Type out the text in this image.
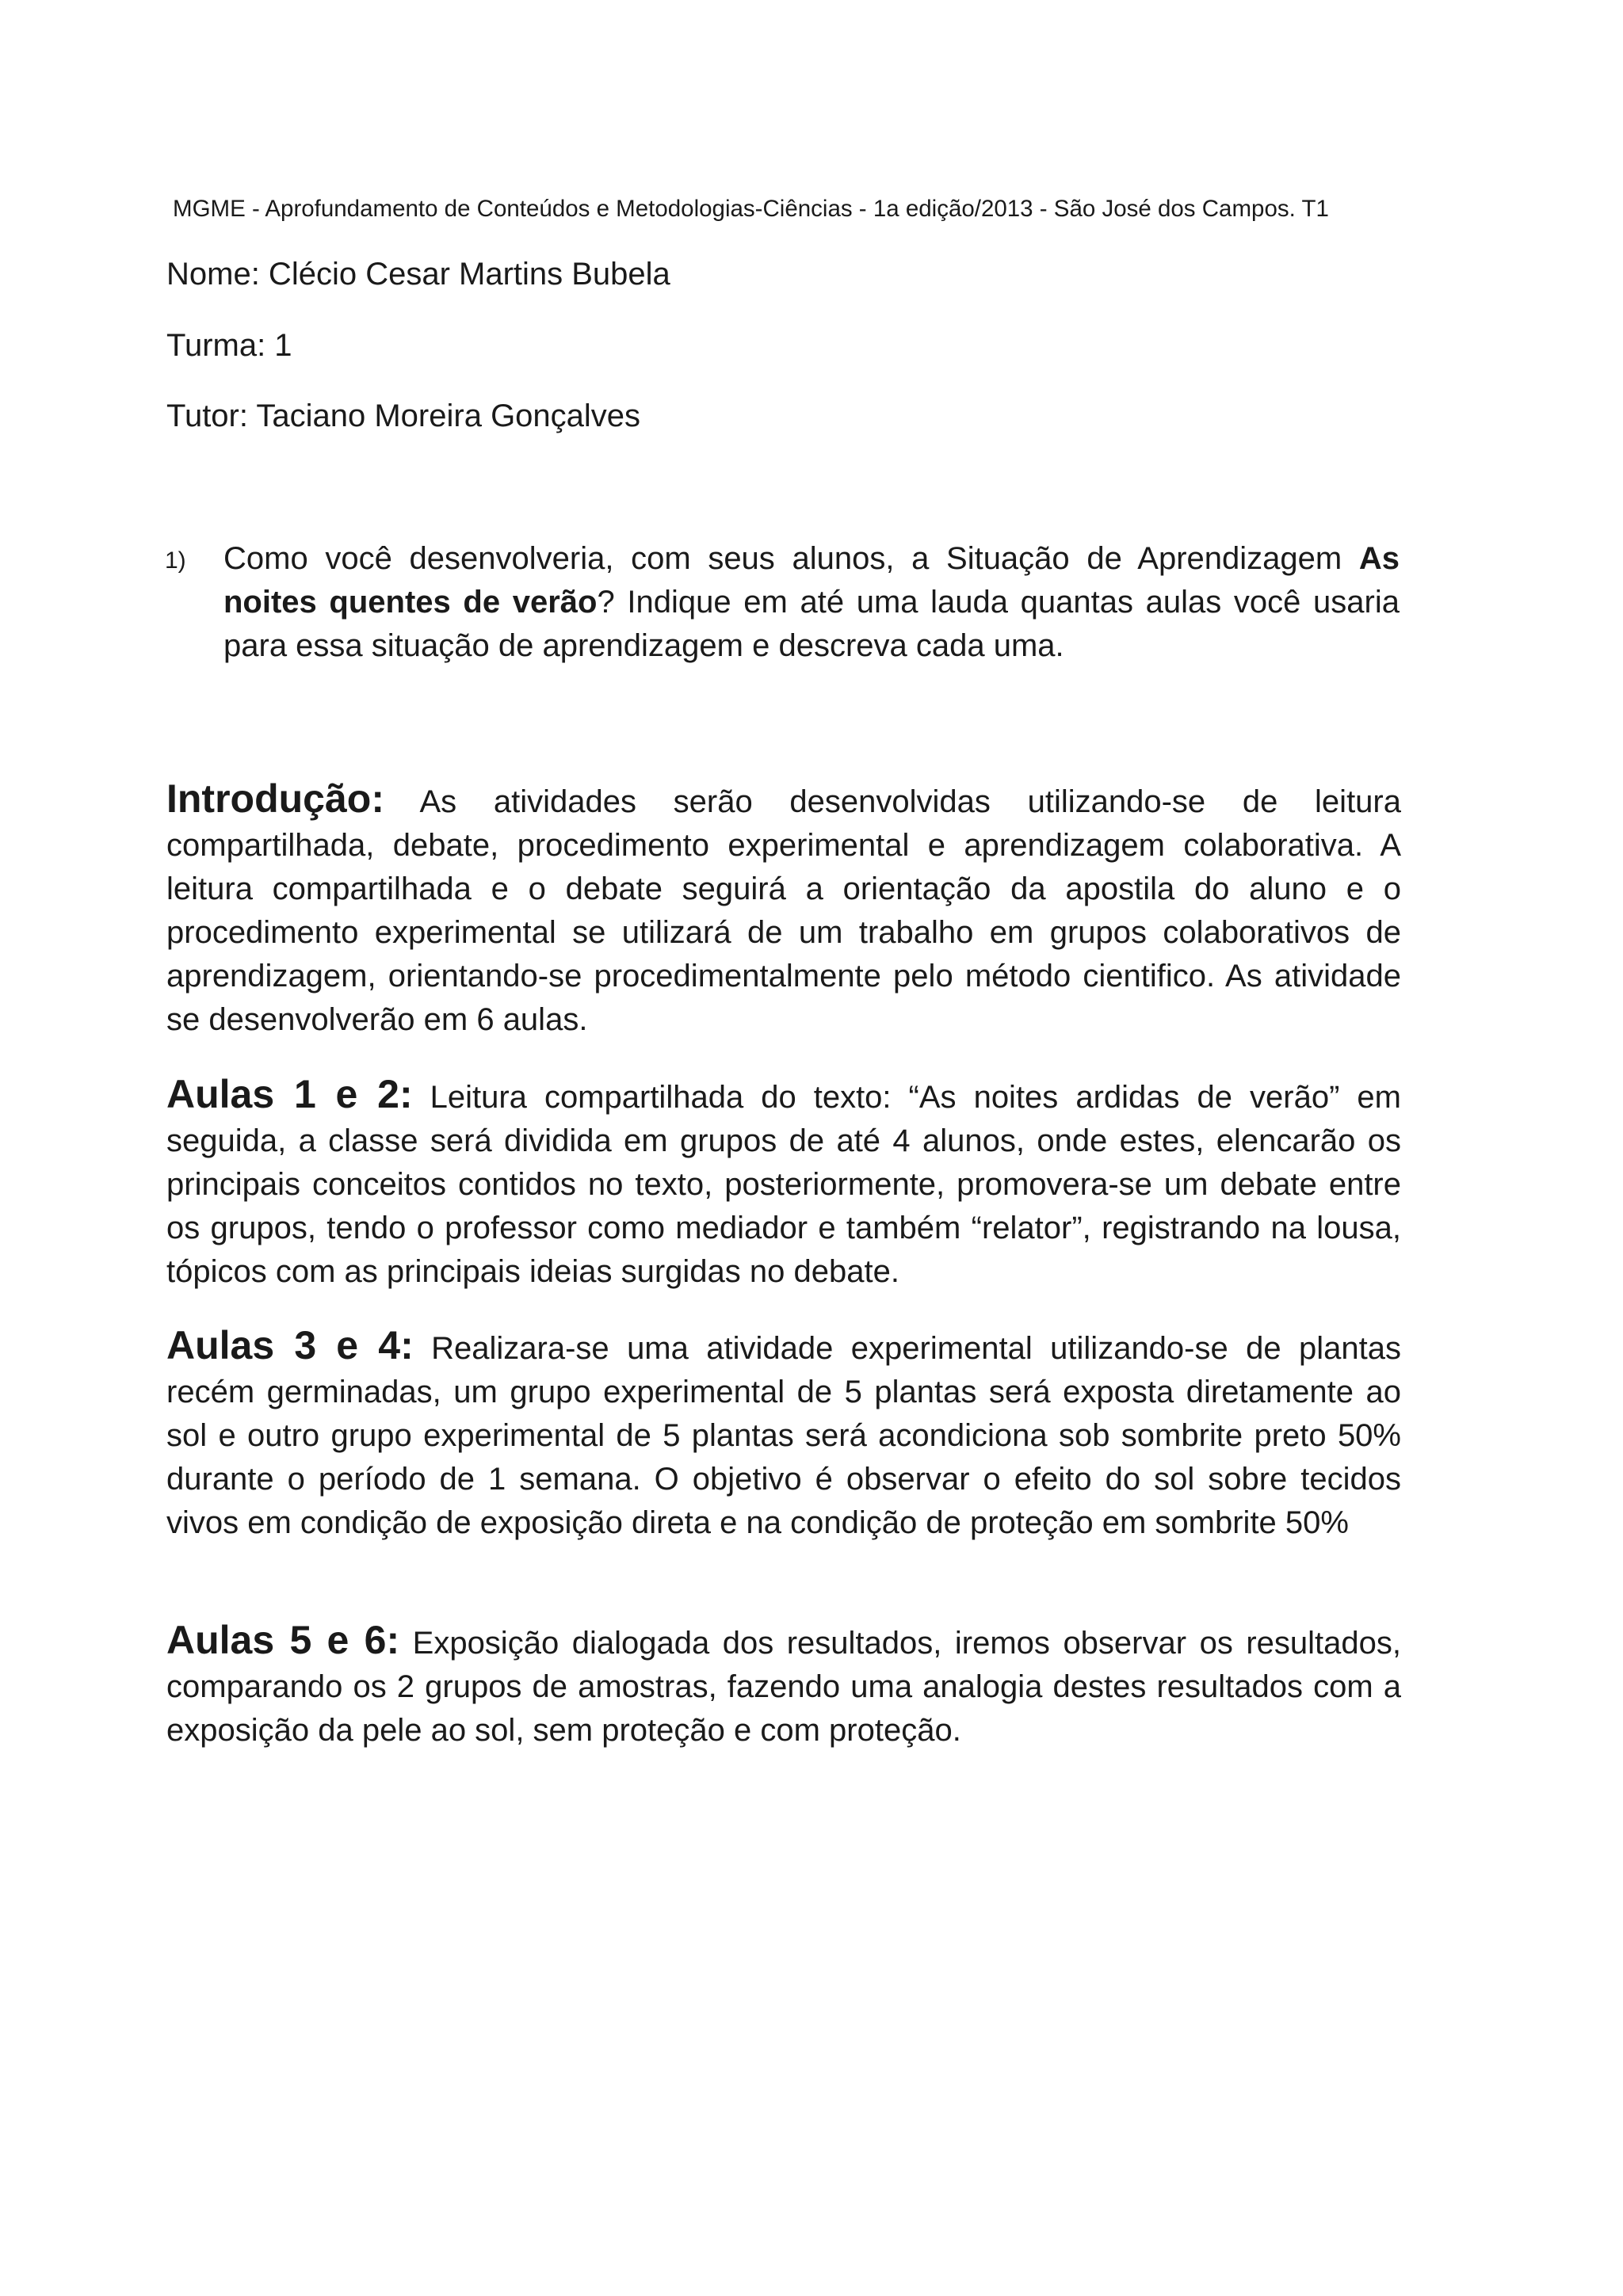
MGME - Aprofundamento de Conteúdos e Metodologias-Ciências - 1a edição/2013 - São José dos Campos. T1
Nome: Clécio Cesar Martins Bubela
Turma: 1
Tutor: Taciano Moreira Gonçalves
1) Como você desenvolveria, com seus alunos, a Situação de Aprendizagem As noites quentes de verão? Indique em até uma lauda quantas aulas você usaria para essa situação de aprendizagem e descreva cada uma.
Introdução: As atividades serão desenvolvidas utilizando-se de leitura compartilhada, debate, procedimento experimental e aprendizagem colaborativa. A leitura compartilhada e o debate seguirá a orientação da apostila do aluno e o procedimento experimental se utilizará de um trabalho em grupos colaborativos de aprendizagem, orientando-se procedimentalmente pelo método cientifico. As atividade se desenvolverão em 6 aulas.
Aulas 1 e 2: Leitura compartilhada do texto: “As noites ardidas de verão” em seguida, a classe será dividida em grupos de até 4 alunos, onde estes, elencarão os principais conceitos contidos no texto, posteriormente, promovera-se um debate entre os grupos, tendo o professor como mediador e também “relator”, registrando na lousa, tópicos com as principais ideias surgidas no debate.
Aulas 3 e 4: Realizara-se uma atividade experimental utilizando-se de plantas recém germinadas, um grupo experimental de 5 plantas será exposta diretamente ao sol e outro grupo experimental de 5 plantas será acondiciona sob sombrite preto 50% durante o período de 1 semana. O objetivo é observar o efeito do sol sobre tecidos vivos em condição de exposição direta e na condição de proteção em sombrite 50%
Aulas 5 e 6: Exposição dialogada dos resultados, iremos observar os resultados, comparando os 2 grupos de amostras, fazendo uma analogia destes resultados com a exposição da pele ao sol, sem proteção e com proteção.
